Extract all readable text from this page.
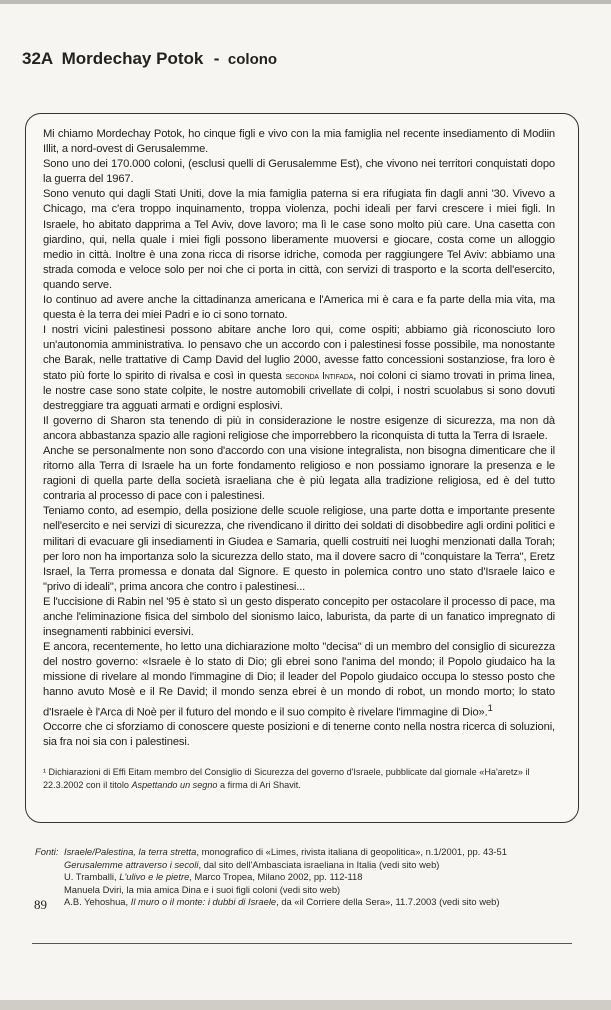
32A Mordechay Potok - colono

Mi chiamo Mordechay Potok, ho cinque figli e vivo con la mia famiglia nel recente insediamento di Modiin Illit, a nord-ovest di Gerusalemme.

Sono uno dei 170.000 coloni, (esclusi quelli di Gerusalemme Est), che vivono nei territori conquistati dopo la guerra del 1967.

Sono venuto qui dagli Stati Uniti, dove la mia famiglia paterna si era rifugiata fin dagli anni '30. Vivevo a Chicago, ma c'era troppo inquinamento, troppa violenza, pochi ideali per farvi crescere i miei figli. In Israele, ho abitato dapprima a Tel Aviv, dove lavoro; ma lì le case sono molto più care. Una casetta con giardino, qui, nella quale i miei figli possono liberamente muoversi e giocare, costa come un alloggio medio in città. Inoltre è una zona ricca di risorse idriche, comoda per raggiungere Tel Aviv: abbiamo una strada comoda e veloce solo per noi che ci porta in città, con servizi di trasporto e la scorta dell'esercito, quando serve.

Io continuo ad avere anche la cittadinanza americana e l'America mi è cara e fa parte della mia vita, ma questa è la terra dei miei Padri e io ci sono tornato.

I nostri vicini palestinesi possono abitare anche loro qui, come ospiti; abbiamo già riconosciuto loro un'autonomia amministrativa. Io pensavo che un accordo con i palestinesi fosse possibile, ma nonostante che Barak, nelle trattative di Camp David del luglio 2000, avesse fatto concessioni sostanziose, fra loro è stato più forte lo spirito di rivalsa e così in questa seconda Intifada, noi coloni ci siamo trovati in prima linea, le nostre case sono state colpite, le nostre automobili crivellate di colpi, i nostri scuolabus si sono dovuti destreggiare tra agguati armati e ordigni esplosivi.

Il governo di Sharon sta tenendo di più in considerazione le nostre esigenze di sicurezza, ma non dà ancora abbastanza spazio alle ragioni religiose che imporrebbero la riconquista di tutta la Terra di Israele.

Anche se personalmente non sono d'accordo con una visione integralista, non bisogna dimenticare che il ritorno alla Terra di Israele ha un forte fondamento religioso e non possiamo ignorare la presenza e le ragioni di quella parte della società israeliana che è più legata alla tradizione religiosa, ed è del tutto contraria al processo di pace con i palestinesi.

Teniamo conto, ad esempio, della posizione delle scuole religiose, una parte dotta e importante presente nell'esercito e nei servizi di sicurezza, che rivendicano il diritto dei soldati di disobbedire agli ordini politici e militari di evacuare gli insediamenti in Giudea e Samaria, quelli costruiti nei luoghi menzionati dalla Torah; per loro non ha importanza solo la sicurezza dello stato, ma il dovere sacro di "conquistare la Terra", Eretz Israel, la Terra promessa e donata dal Signore. E questo in polemica contro uno stato d'Israele laico e "privo di ideali", prima ancora che contro i palestinesi...

E l'uccisione di Rabin nel '95 è stato sì un gesto disperato concepito per ostacolare il processo di pace, ma anche l'eliminazione fisica del simbolo del sionismo laico, laburista, da parte di un fanatico impregnato di insegnamenti rabbinici eversivi.

E ancora, recentemente, ho letto una dichiarazione molto "decisa" di un membro del consiglio di sicurezza del nostro governo: «Israele è lo stato di Dio; gli ebrei sono l'anima del mondo; il Popolo giudaico ha la missione di rivelare al mondo l'immagine di Dio; il leader del Popolo giudaico occupa lo stesso posto che hanno avuto Mosè e il Re David; il mondo senza ebrei è un mondo di robot, un mondo morto; lo stato d'Israele è l'Arca di Noè per il futuro del mondo e il suo compito è rivelare l'immagine di Dio».$^1$

Occorre che ci sforziamo di conoscere queste posizioni e di tenerne conto nella nostra ricerca di soluzioni, sia fra noi sia con i palestinesi.

¹ Dichiarazioni di Effi Eitam membro del Consiglio di Sicurezza del governo d'Israele, pubblicate dal giornale «Ha'aretz» il 22.3.2002 con il titolo Aspettando un segno a firma di Ari Shavit.

Fonti: Israele/Palestina, la terra stretta, monografico di «Limes, rivista italiana di geopolitica», n.1/2001, pp. 43-51
Gerusalemme attraverso i secoli, dal sito dell'Ambasciata israeliana in Italia (vedi sito web)
U. Tramballi, L'ulivo e le pietre, Marco Tropea, Milano 2002, pp. 112-118
Manuela Dviri, la mia amica Dina e i suoi figli coloni (vedi sito web)
A.B. Yehoshua, Il muro o il monte: i dubbi di Israele, da «il Corriere della Sera», 11.7.2003 (vedi sito web)
89
